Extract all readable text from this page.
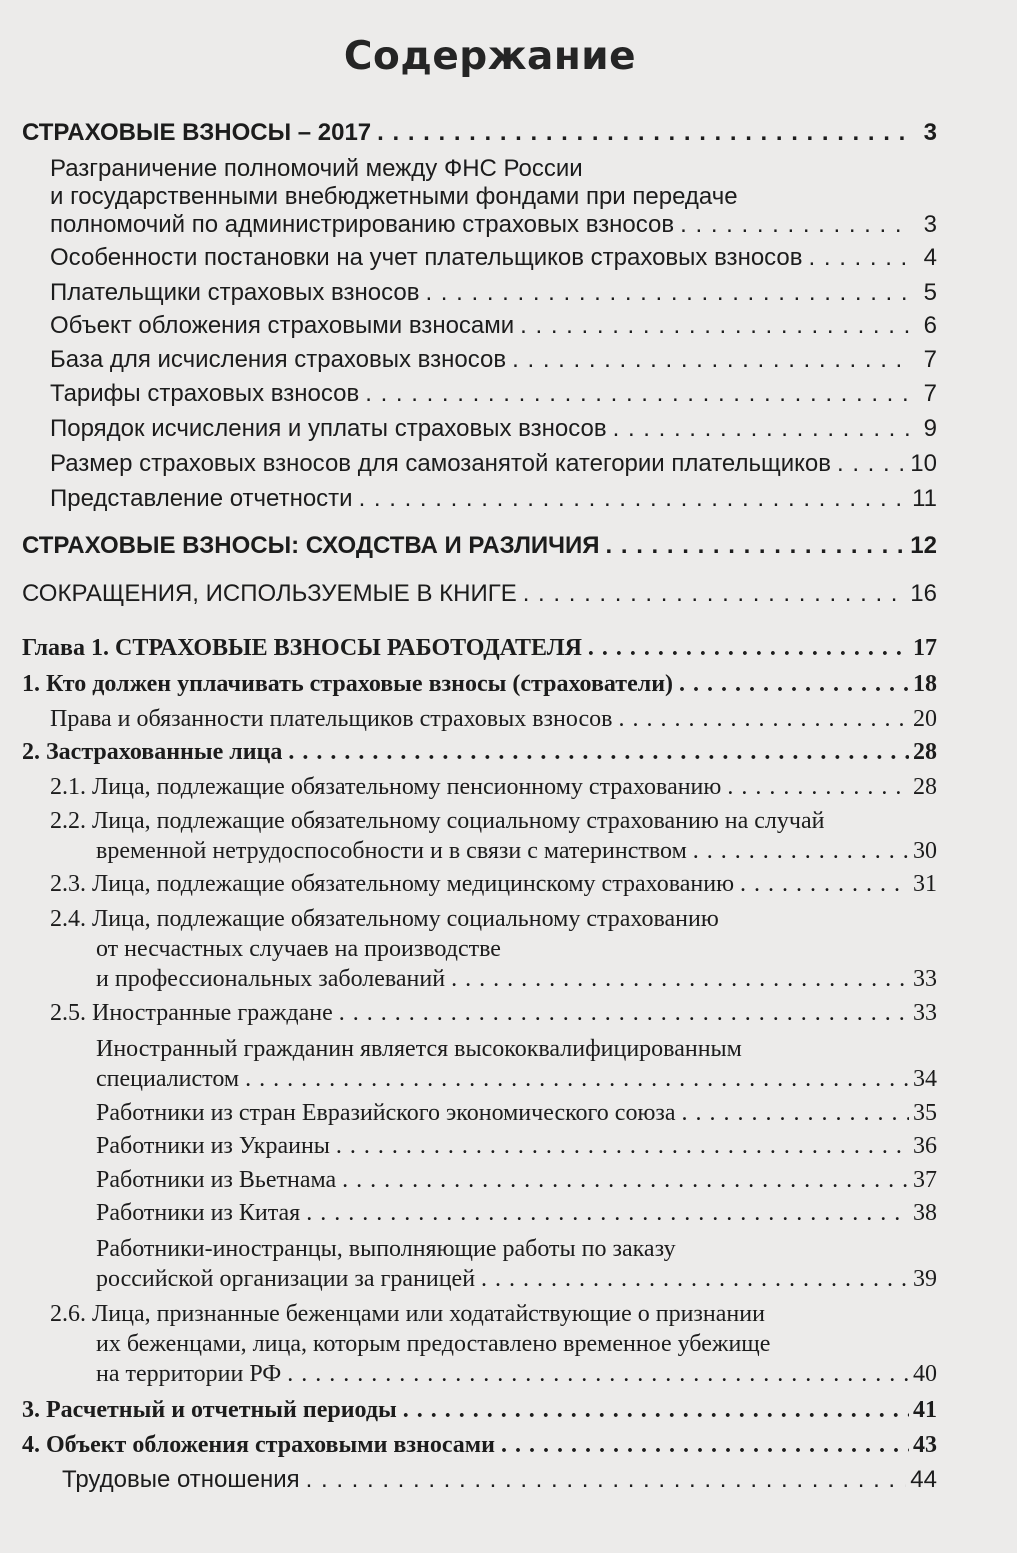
Содержание
СТРАХОВЫЕ ВЗНОСЫ – 2017 . . .	3
Разграничение полномочий между ФНС России
и государственными внебюджетными фондами при передаче
полномочий по администрированию страховых взносов . . .	3
Особенности постановки на учет плательщиков страховых взносов . . .	4
Плательщики страховых взносов . . .	5
Объект обложения страховыми взносами . . .	6
База для исчисления страховых взносов . . .	7
Тарифы страховых взносов . . .	7
Порядок исчисления и уплаты страховых взносов . . .	9
Размер страховых взносов для самозанятой категории плательщиков . . .	10
Представление отчетности . . .	11
СТРАХОВЫЕ ВЗНОСЫ: СХОДСТВА И РАЗЛИЧИЯ . . .	12
СОКРАЩЕНИЯ, ИСПОЛЬЗУЕМЫЕ В КНИГЕ . . .	16
Глава 1. СТРАХОВЫЕ ВЗНОСЫ РАБОТОДАТЕЛЯ . . .	17
1. Кто должен уплачивать страховые взносы (страхователи) . . .	18
Права и обязанности плательщиков страховых взносов . . .	20
2. Застрахованные лица . . .	28
2.1. Лица, подлежащие обязательному пенсионному страхованию . . .	28
2.2. Лица, подлежащие обязательному социальному страхованию на случай
временной нетрудоспособности и в связи с материнством . . .	30
2.3. Лица, подлежащие обязательному медицинскому страхованию . . .	31
2.4. Лица, подлежащие обязательному социальному страхованию
от несчастных случаев на производстве
и профессиональных заболеваний . . .	33
2.5. Иностранные граждане . . .	33
Иностранный гражданин является высококвалифицированным
специалистом . . .	34
Работники из стран Евразийского экономического союза . . .	35
Работники из Украины . . .	36
Работники из Вьетнама . . .	37
Работники из Китая . . .	38
Работники-иностранцы, выполняющие работы по заказу
российской организации за границей . . .	39
2.6. Лица, признанные беженцами или ходатайствующие о признании
их беженцами, лица, которым предоставлено временное убежище
на территории РФ . . .	40
3. Расчетный и отчетный периоды . . .	41
4. Объект обложения страховыми взносами . . .	43
Трудовые отношения . . .	44
